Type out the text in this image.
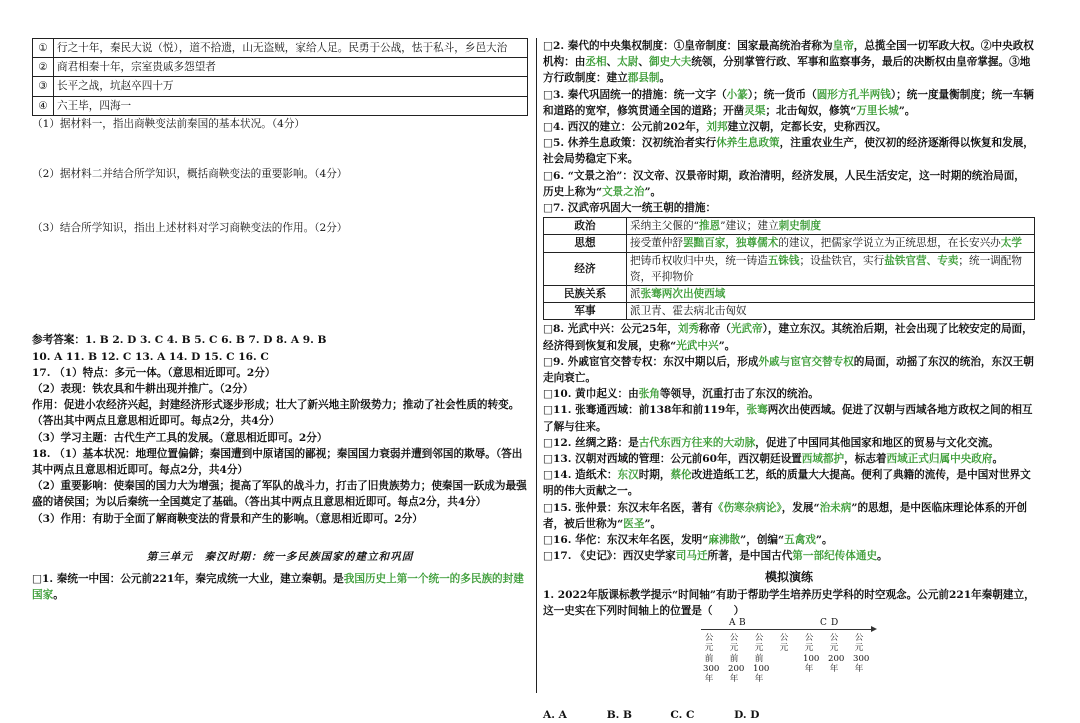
①	行之十年，秦民大说（悦），道不拾遗，山无盗贼，家给人足。民勇于公战，怯于私斗，乡邑大治
②	商君相秦十年，宗室贵戚多怨望者
③	长平之战，坑赵卒四十万
④	六王毕，四海一

（1）据材料一，指出商鞅变法前秦国的基本状况。（4分）

（2）据材料二并结合所学知识，概括商鞅变法的重要影响。（4分）

（3）结合所学知识，指出上述材料对学习商鞅变法的作用。（2分）

参考答案：1. B 2. D 3. C 4. B 5. C 6. B 7. D 8. A 9. B

10. A 11. B 12. C 13. A 14. D 15. C 16. C

17. （1）特点：多元一体。（意思相近即可。2分）

（2）表现：铁农具和牛耕出现并推广。（2分）

作用：促进小农经济兴起，封建经济形式逐步形成；壮大了新兴地主阶级势力；推动了社会性质的转变。（答出其中两点且意思相近即可。每点2分，共4分）

（3）学习主题：古代生产工具的发展。（意思相近即可。2分）

18. （1）基本状况：地理位置偏僻；秦国遭到中原诸国的鄙视；秦国国力衰弱并遭到邻国的欺辱。（答出其中两点且意思相近即可。每点2分，共4分）

（2）重要影响：使秦国的国力大为增强；提高了军队的战斗力，打击了旧贵族势力；使秦国一跃成为最强盛的诸侯国；为以后秦统一全国奠定了基础。（答出其中两点且意思相近即可。每点2分，共4分）

（3）作用：有助于全面了解商鞅变法的背景和产生的影响。（意思相近即可。2分）

第三单元　秦汉时期：统一多民族国家的建立和巩固

□1. 秦统一中国：公元前221年，秦完成统一大业，建立秦朝。是我国历史上第一个统一的多民族的封建国家。

□2. 秦代的中央集权制度：①皇帝制度：国家最高统治者称为皇帝，总揽全国一切军政大权。②中央政权机构：由丞相、太尉、御史大夫统领，分别掌管行政、军事和监察事务，最后的决断权由皇帝掌握。③地方行政制度：建立郡县制。

□3. 秦代巩固统一的措施：统一文字（小篆）；统一货币（圆形方孔半两钱）；统一度量衡制度；统一车辆和道路的宽窄，修筑贯通全国的道路；开凿灵渠；北击匈奴，修筑“万里长城”。

□4. 西汉的建立：公元前202年，刘邦建立汉朝，定都长安，史称西汉。

□5. 休养生息政策：汉初统治者实行休养生息政策，注重农业生产，使汉初的经济逐渐得以恢复和发展，社会局势稳定下来。

□6. “文景之治”：汉文帝、汉景帝时期，政治清明，经济发展，人民生活安定，这一时期的统治局面，历史上称为“文景之治”。

□7. 汉武帝巩固大一统王朝的措施：

政治	采纳主父偃的“推恩”建议；建立刺史制度
思想	接受董仲舒罢黜百家，独尊儒术的建议，把儒家学说立为正统思想，在长安兴办太学
经济	把铸币权收归中央，统一铸造五铢钱；设盐铁官，实行盐铁官营、专卖；统一调配物资，平抑物价
民族关系	派张骞两次出使西域
军事	派卫青、霍去病北击匈奴

□8. 光武中兴：公元25年，刘秀称帝（光武帝），建立东汉。其统治后期，社会出现了比较安定的局面，经济得到恢复和发展，史称“光武中兴”。

□9. 外戚宦官交替专权：东汉中期以后，形成外戚与宦官交替专权的局面，动摇了东汉的统治，东汉王朝走向衰亡。

□10. 黄巾起义：由张角等领导，沉重打击了东汉的统治。

□11. 张骞通西域：前138年和前119年，张骞两次出使西域。促进了汉朝与西域各地方政权之间的相互了解与往来。

□12. 丝绸之路：是古代东西方往来的大动脉，促进了中国同其他国家和地区的贸易与文化交流。

□13. 汉朝对西域的管理：公元前60年，西汉朝廷设置西域都护，标志着西域正式归属中央政府。

□14. 造纸术：东汉时期，蔡伦改进造纸工艺，纸的质量大大提高。便利了典籍的流传，是中国对世界文明的伟大贡献之一。

□15. 张仲景：东汉末年名医，著有《伤寒杂病论》，发展“治未病”的思想，是中医临床理论体系的开创者，被后世称为“医圣”。

□16. 华佗：东汉末年名医，发明“麻沸散”，创编“五禽戏”。

□17. 《史记》：西汉史学家司马迁所著，是中国古代第一部纪传体通史。

模拟演练

1. 2022年版课标教学提示“时间轴”有助于帮助学生培养历史学科的时空观念。公元前221年秦朝建立，这一史实在下列时间轴上的位置是（　　）

A B	C D
公
元
前
300
年
公
元
前
200
年
公
元
前
100
年
公
元
公
元
100
年
公
元
200
年
公
元
300
年
A. A	B. B	C. C	D. D
